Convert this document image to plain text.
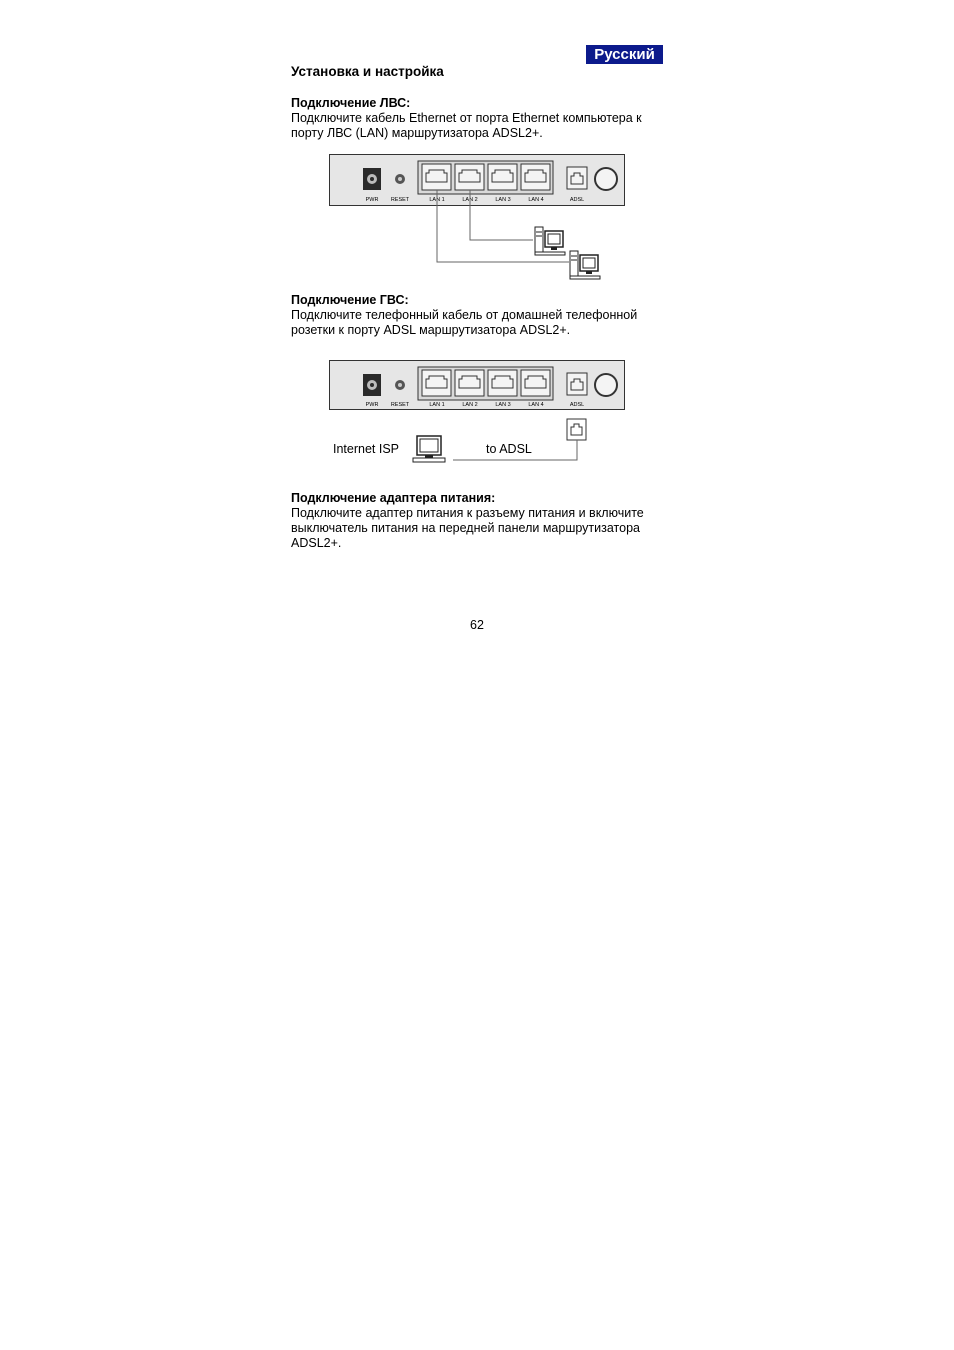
Русский
Установка и настройка
Подключение ЛВС:
Подключите кабель Ethernet от порта Ethernet компьютера к порту ЛВС (LAN) маршрутизатора ADSL2+.
PWR RESET	LAN 1	LAN 2	LAN 3	LAN 4	ADSL
Подключение ГВС:
Подключите телефонный кабель от домашней телефонной розетки к порту ADSL маршрутизатора ADSL2+.
PWR RESET	LAN 1	LAN 2	LAN 3	LAN 4	ADSL
Internet ISP	to ADSL
Подключение адаптера питания:
Подключите адаптер питания к разъему питания и включите выключатель питания на передней панели маршрутизатора ADSL2+.
62
